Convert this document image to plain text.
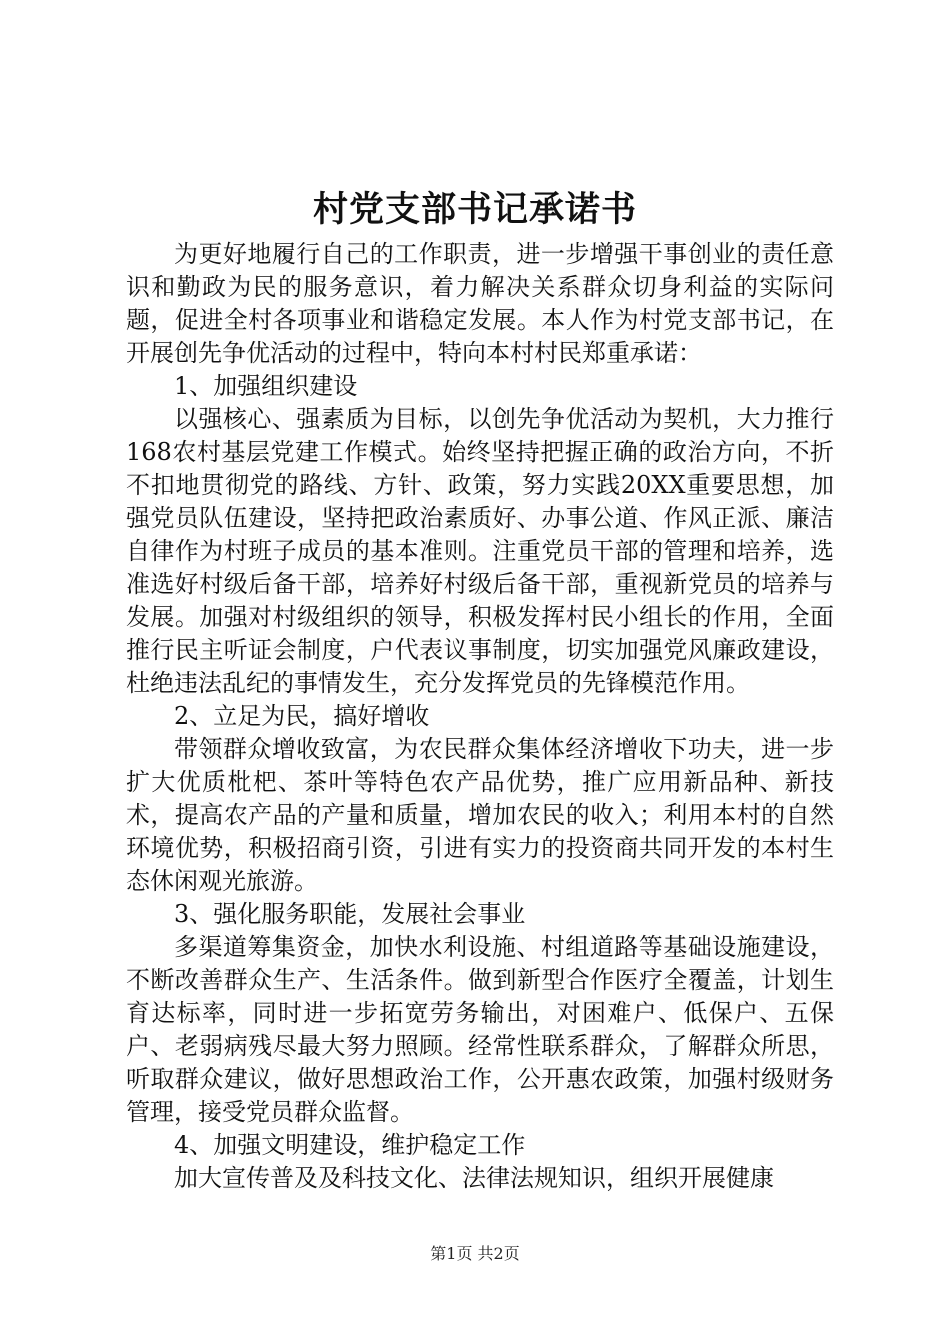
村党支部书记承诺书

为更好地履行自己的工作职责，进一步增强干事创业的责任意识和勤政为民的服务意识，着力解决关系群众切身利益的实际问题，促进全村各项事业和谐稳定发展。本人作为村党支部书记，在开展创先争优活动的过程中，特向本村村民郑重承诺：

1、加强组织建设

以强核心、强素质为目标，以创先争优活动为契机，大力推行168农村基层党建工作模式。始终坚持把握正确的政治方向，不折不扣地贯彻党的路线、方针、政策，努力实践20XX重要思想，加强党员队伍建设，坚持把政治素质好、办事公道、作风正派、廉洁自律作为村班子成员的基本准则。注重党员干部的管理和培养，选准选好村级后备干部，培养好村级后备干部，重视新党员的培养与发展。加强对村级组织的领导，积极发挥村民小组长的作用，全面推行民主听证会制度，户代表议事制度，切实加强党风廉政建设，杜绝违法乱纪的事情发生，充分发挥党员的先锋模范作用。

2、立足为民，搞好增收

带领群众增收致富，为农民群众集体经济增收下功夫，进一步扩大优质枇杷、茶叶等特色农产品优势，推广应用新品种、新技术，提高农产品的产量和质量，增加农民的收入；利用本村的自然环境优势，积极招商引资，引进有实力的投资商共同开发的本村生态休闲观光旅游。

3、强化服务职能，发展社会事业

多渠道筹集资金，加快水利设施、村组道路等基础设施建设，不断改善群众生产、生活条件。做到新型合作医疗全覆盖，计划生育达标率，同时进一步拓宽劳务输出，对困难户、低保户、五保户、老弱病残尽最大努力照顾。经常性联系群众，了解群众所思，听取群众建议，做好思想政治工作，公开惠农政策，加强村级财务管理，接受党员群众监督。

4、加强文明建设，维护稳定工作

加大宣传普及及科技文化、法律法规知识，组织开展健康

第1页 共2页
